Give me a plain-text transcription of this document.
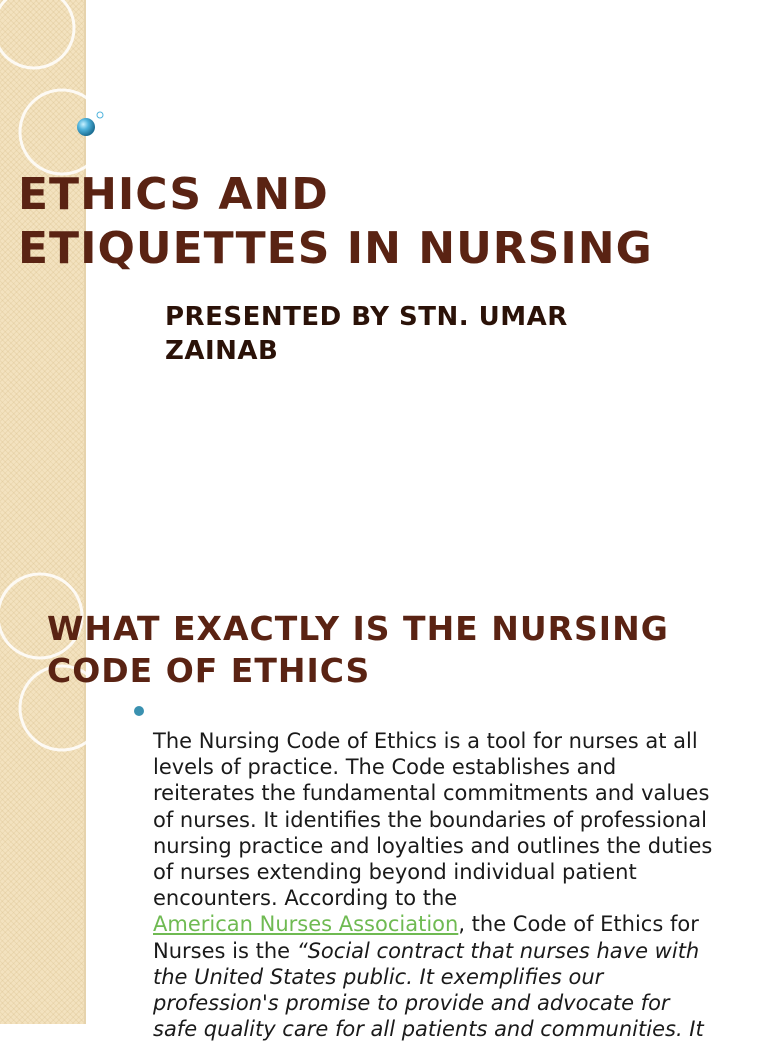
ETHICS AND
ETIQUETTES IN NURSING
PRESENTED BY STN. UMAR
ZAINAB
WHAT EXACTLY IS THE NURSING
CODE OF ETHICS

The Nursing Code of Ethics is a tool for nurses at all
levels of practice. The Code establishes and
reiterates the fundamental commitments and values
of nurses. It identifies the boundaries of professional
nursing practice and loyalties and outlines the duties
of nurses extending beyond individual patient
encounters. According to the
American Nurses Association, the Code of Ethics for
Nurses is the “Social contract that nurses have with
the United States public. It exemplifies our
profession's promise to provide and advocate for
safe quality care for all patients and communities. It
